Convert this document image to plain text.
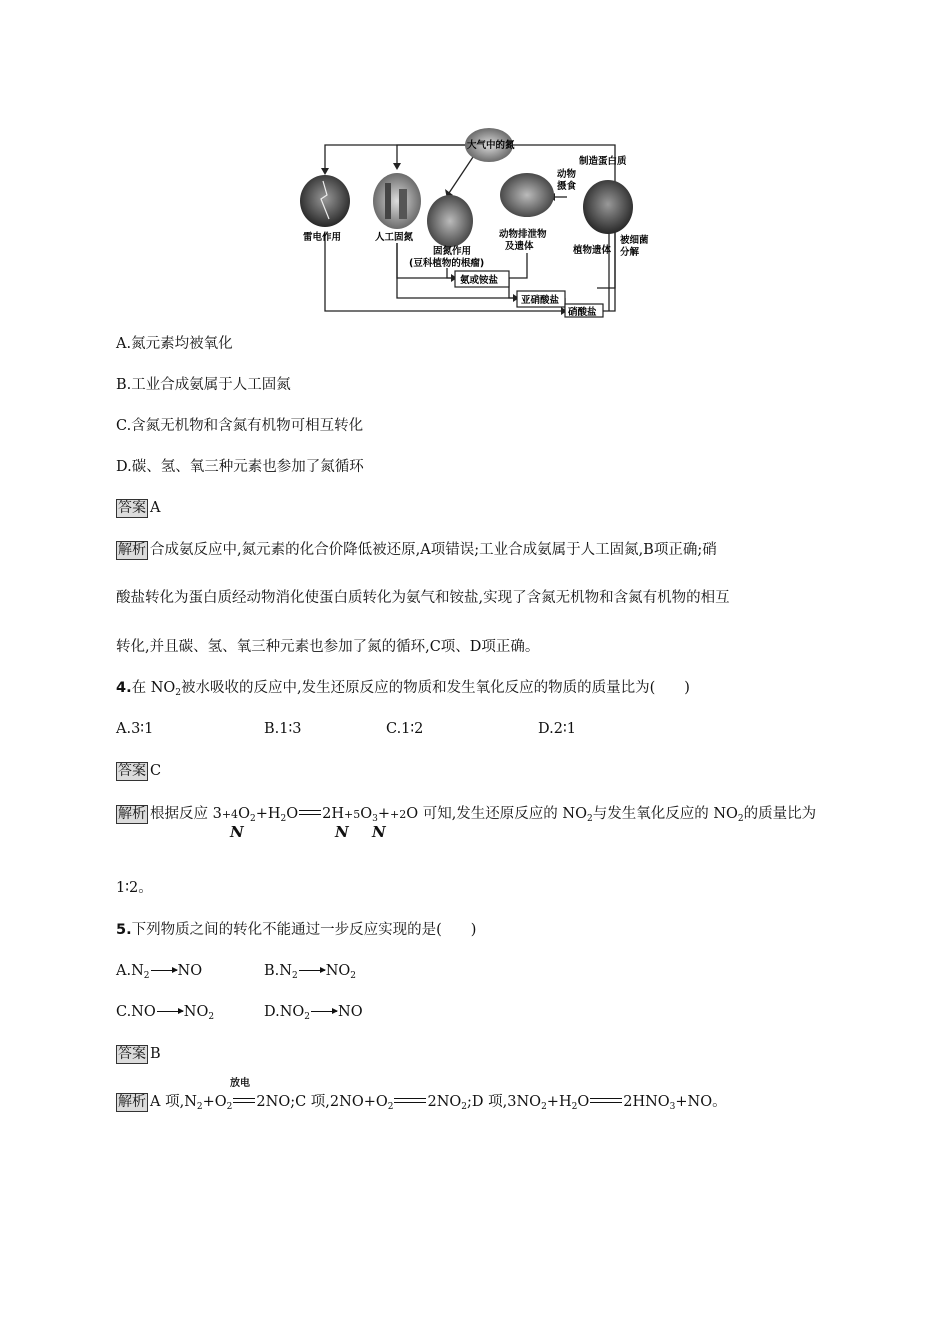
大气中的氮
制造蛋白质
动物
摄食
雷电作用	人工固氮
固氮作用
(豆科植物的根瘤)
动物排泄物
及遗体	植物遗体
被细菌
分解
氨或铵盐
亚硝酸盐
硝酸盐
A.氮元素均被氧化
B.工业合成氨属于人工固氮
C.含氮无机物和含氮有机物可相互转化
D.碳、氢、氧三种元素也参加了氮循环
答案 A
解析 合成氨反应中,氮元素的化合价降低被还原,A项错误;工业合成氨属于人工固氮,B项正确;硝
酸盐转化为蛋白质经动物消化使蛋白质转化为氨气和铵盐,实现了含氮无机物和含氮有机物的相互
转化,并且碳、氢、氧三种元素也参加了氮的循环,C项、D项正确。
4.在 $NO_2$被水吸收的反应中,发生还原反应的物质和发生氧化反应的物质的质量比为(　　)
A.3∶1	B.1∶3	C.1∶2	D.2∶1
答案 C
解析 根据反应 $3+4O_2+H_2O$ $2H+5O_3++2O$ 可知,发生还原反应的 $NO_2$与发生氧化反应的 $NO_2$的质量比为
N	N N
1∶2。
5.下列物质之间的转化不能通过一步反应实现的是(　　)
$A.N_2$ NO	$B.N_2$ $NO_2$
C.NO $NO_2$	$D.NO_2$ NO
答案 B
放电
解析 A 项$,N_2+O_2$ 2NO;C 项$,2NO+O_2$ $2NO_2;D$ 项$,3NO_2+H_2O$ $2HNO_3+NO$。
